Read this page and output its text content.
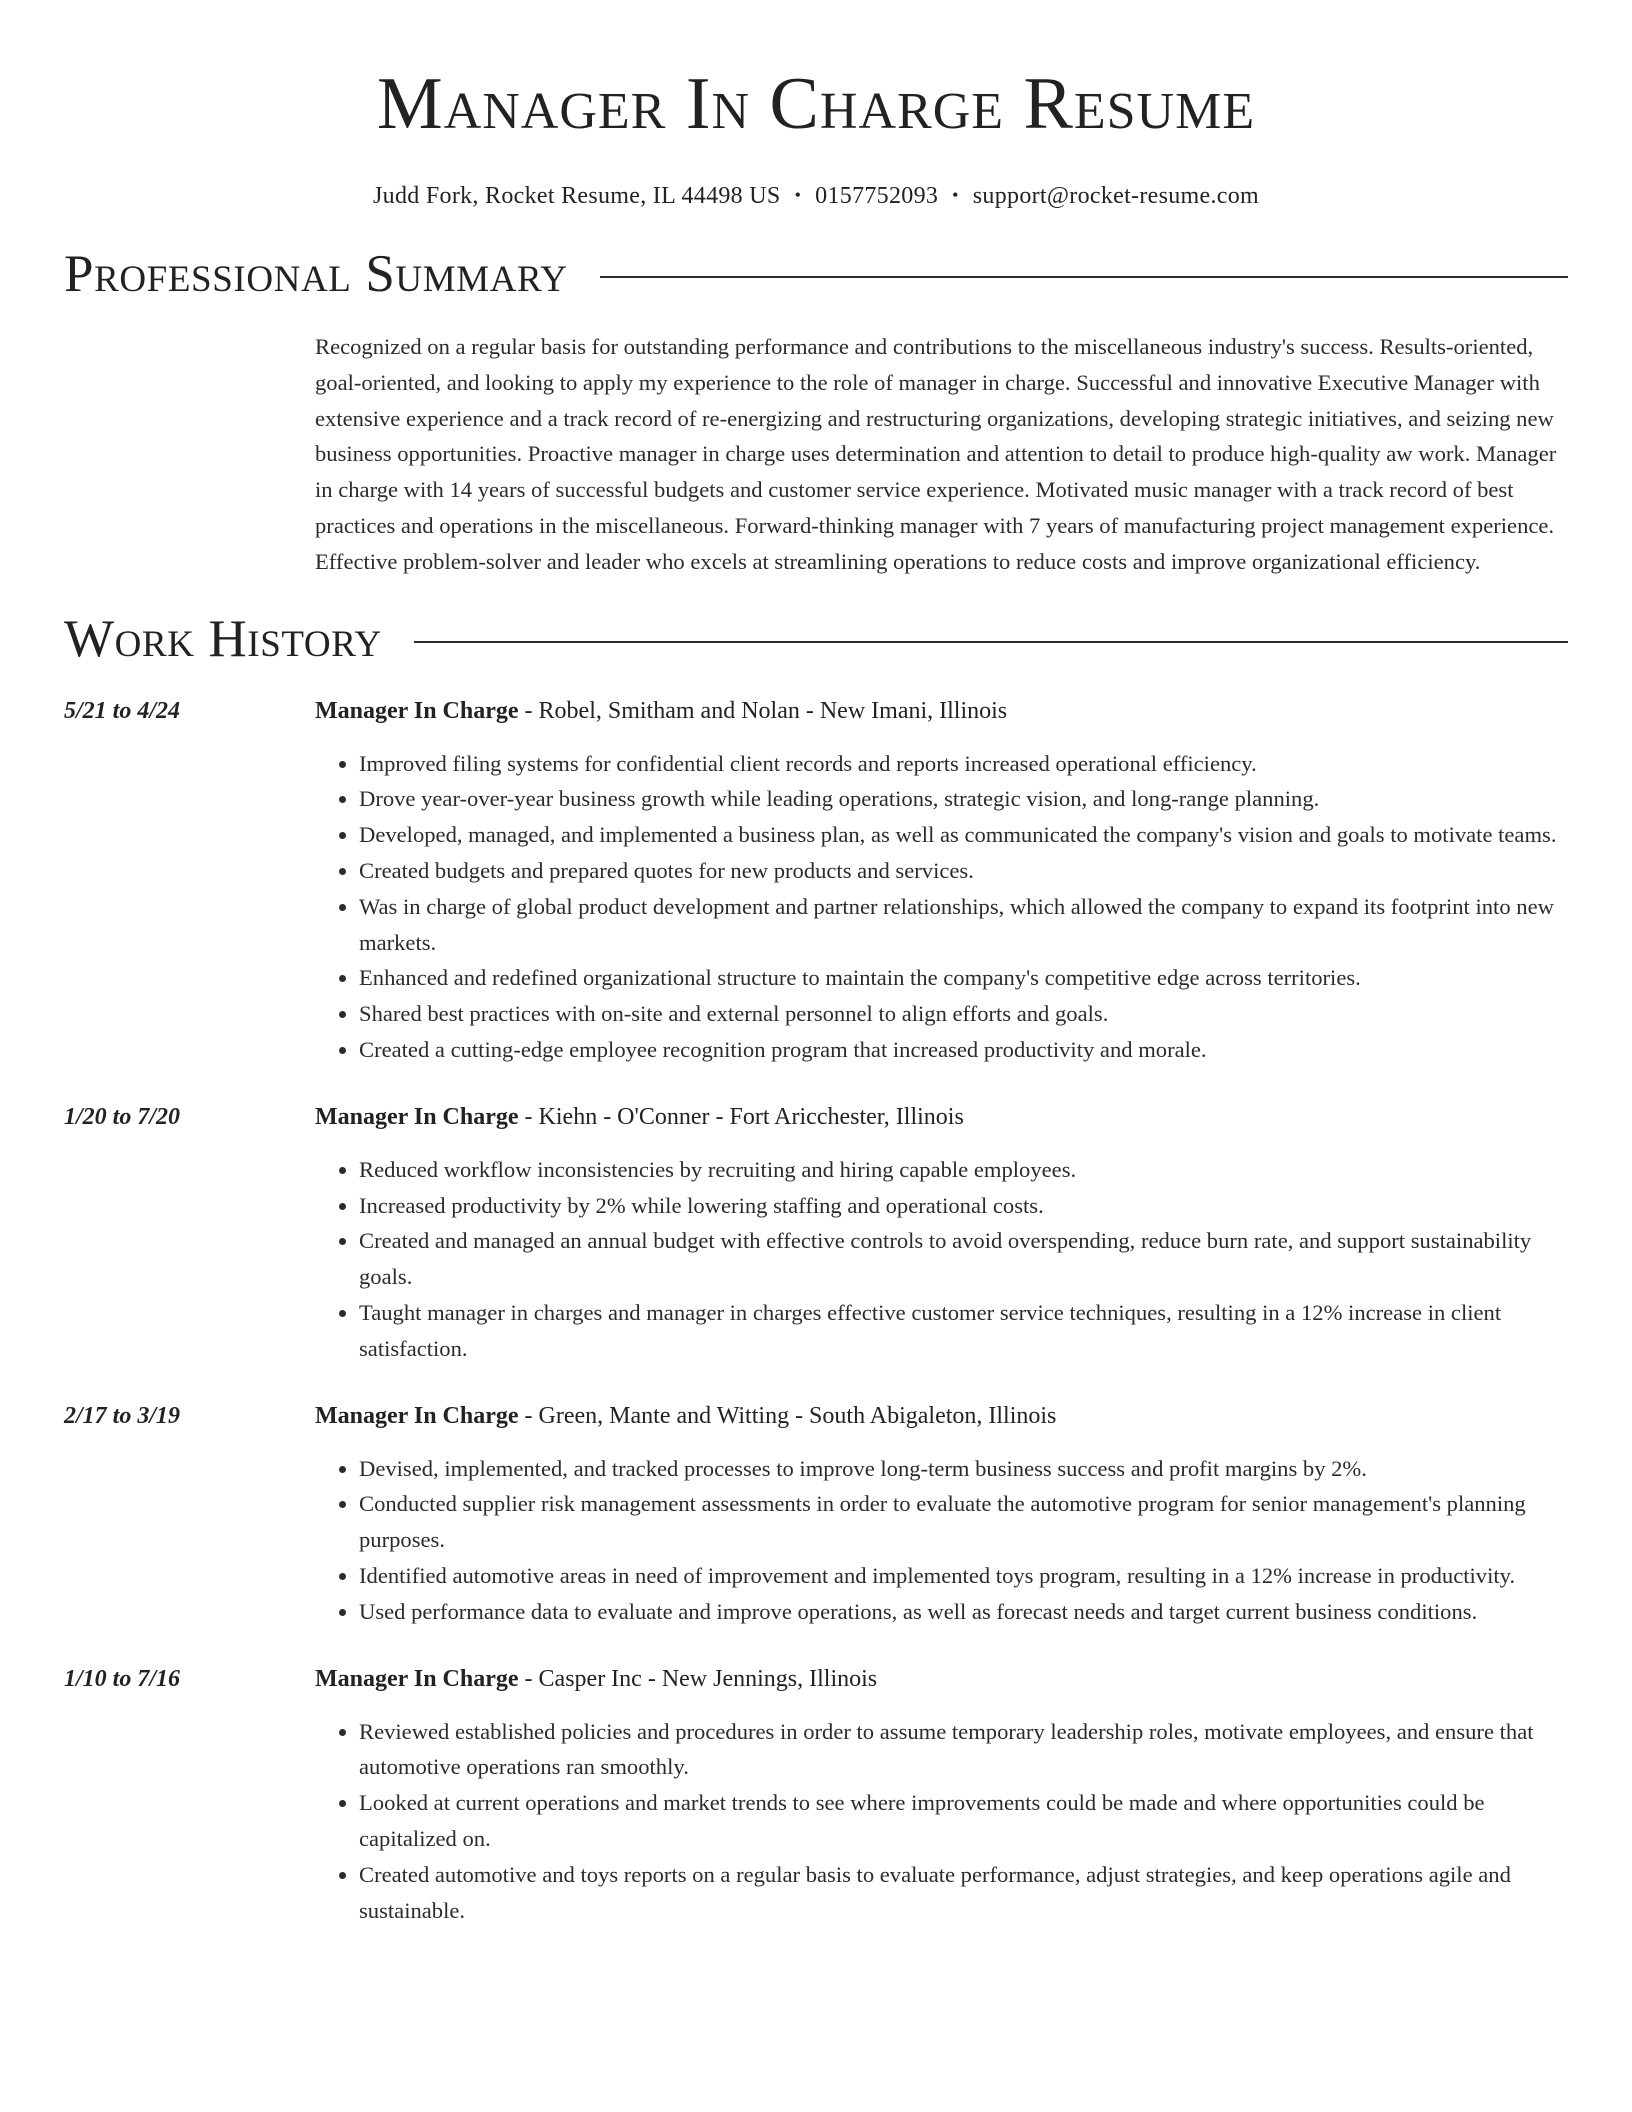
Manager In Charge Resume
Judd Fork, Rocket Resume, IL 44498 US • 0157752093 • support@rocket-resume.com
Professional Summary
Recognized on a regular basis for outstanding performance and contributions to the miscellaneous industry's success. Results-oriented, goal-oriented, and looking to apply my experience to the role of manager in charge. Successful and innovative Executive Manager with extensive experience and a track record of re-energizing and restructuring organizations, developing strategic initiatives, and seizing new business opportunities. Proactive manager in charge uses determination and attention to detail to produce high-quality aw work. Manager in charge with 14 years of successful budgets and customer service experience. Motivated music manager with a track record of best practices and operations in the miscellaneous. Forward-thinking manager with 7 years of manufacturing project management experience. Effective problem-solver and leader who excels at streamlining operations to reduce costs and improve organizational efficiency.
Work History
5/21 to 4/24	Manager In Charge - Robel, Smitham and Nolan - New Imani, Illinois
• Improved filing systems for confidential client records and reports increased operational efficiency.
• Drove year-over-year business growth while leading operations, strategic vision, and long-range planning.
• Developed, managed, and implemented a business plan, as well as communicated the company's vision and goals to motivate teams.
• Created budgets and prepared quotes for new products and services.
• Was in charge of global product development and partner relationships, which allowed the company to expand its footprint into new markets.
• Enhanced and redefined organizational structure to maintain the company's competitive edge across territories.
• Shared best practices with on-site and external personnel to align efforts and goals.
• Created a cutting-edge employee recognition program that increased productivity and morale.
1/20 to 7/20	Manager In Charge - Kiehn - O'Conner - Fort Aricchester, Illinois
• Reduced workflow inconsistencies by recruiting and hiring capable employees.
• Increased productivity by 2% while lowering staffing and operational costs.
• Created and managed an annual budget with effective controls to avoid overspending, reduce burn rate, and support sustainability goals.
• Taught manager in charges and manager in charges effective customer service techniques, resulting in a 12% increase in client satisfaction.
2/17 to 3/19	Manager In Charge - Green, Mante and Witting - South Abigaleton, Illinois
• Devised, implemented, and tracked processes to improve long-term business success and profit margins by 2%.
• Conducted supplier risk management assessments in order to evaluate the automotive program for senior management's planning purposes.
• Identified automotive areas in need of improvement and implemented toys program, resulting in a 12% increase in productivity.
• Used performance data to evaluate and improve operations, as well as forecast needs and target current business conditions.
1/10 to 7/16	Manager In Charge - Casper Inc - New Jennings, Illinois
• Reviewed established policies and procedures in order to assume temporary leadership roles, motivate employees, and ensure that automotive operations ran smoothly.
• Looked at current operations and market trends to see where improvements could be made and where opportunities could be capitalized on.
• Created automotive and toys reports on a regular basis to evaluate performance, adjust strategies, and keep operations agile and sustainable.
